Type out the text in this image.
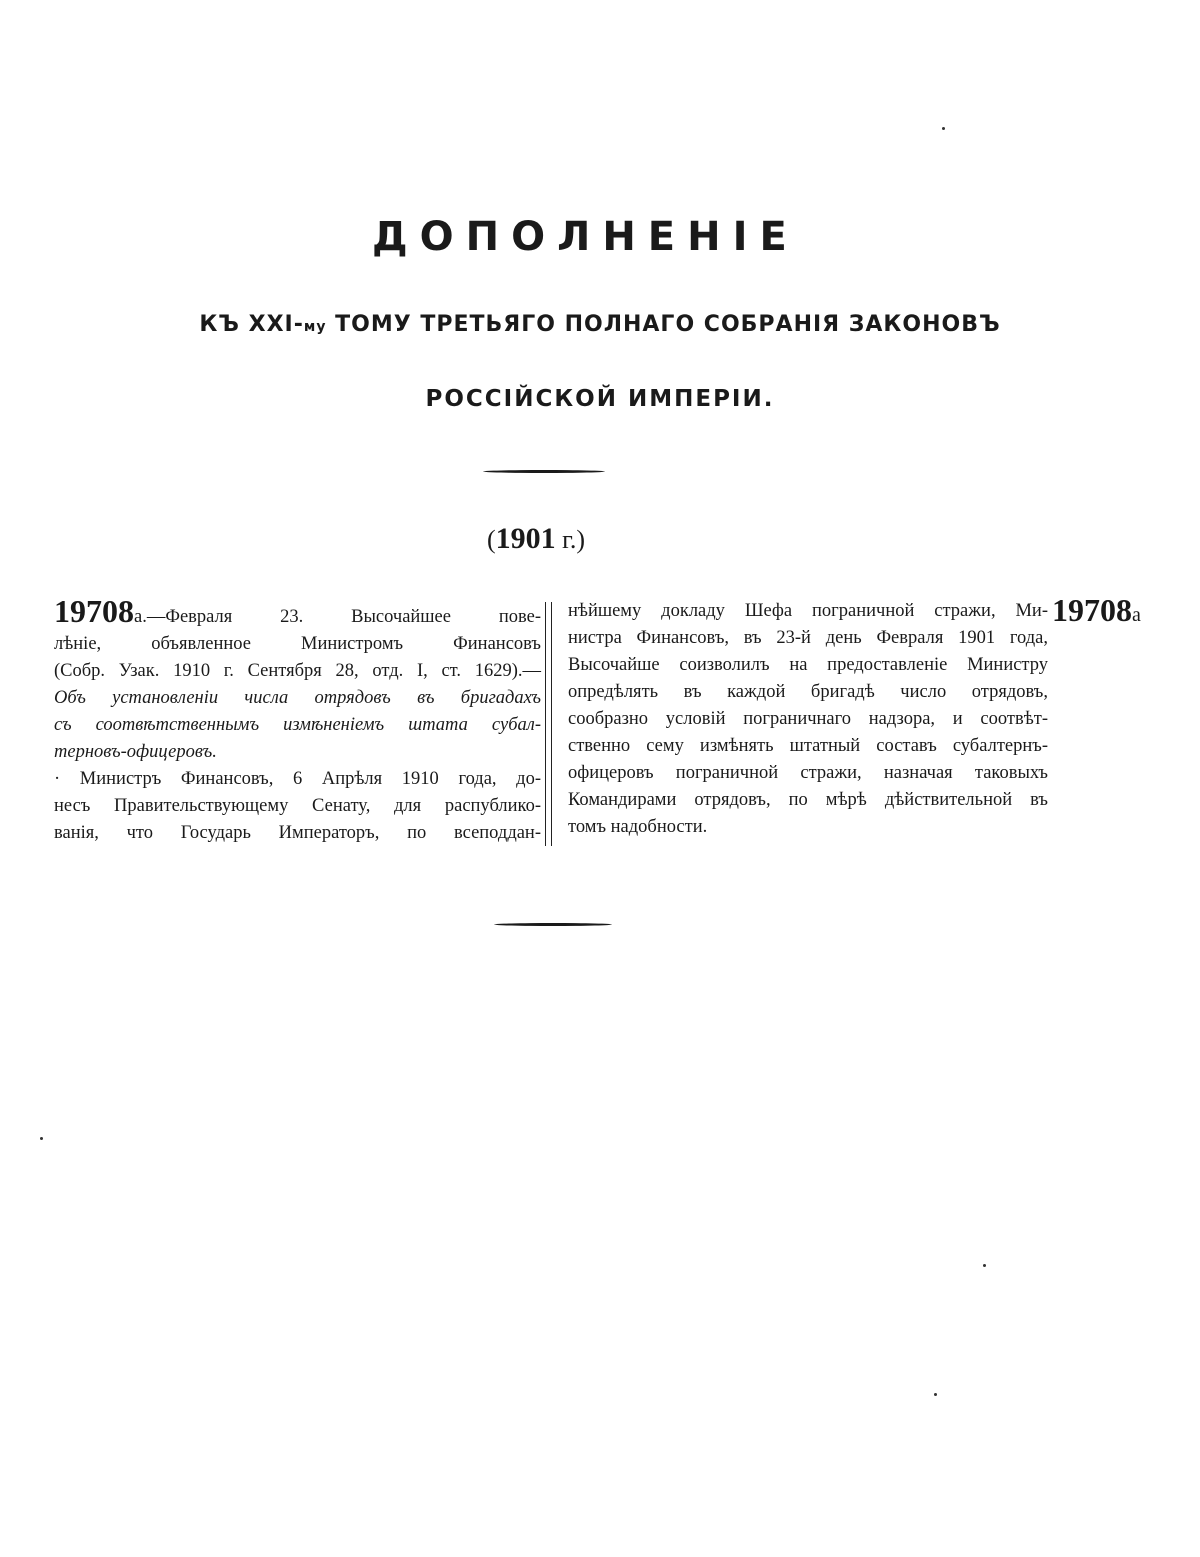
ДОПОЛНЕНІЕ
КЪ XXI-му ТОМУ ТРЕТЬЯГО ПОЛНАГО СОБРАНІЯ ЗАКОНОВЪ
РОССІЙСКОЙ ИМПЕРІИ.
(1901 г.)
19708а.—Февраля 23. Высочайшее пове-
лѣніе, объявленное Министромъ Финансовъ
(Собр. Узак. 1910 г. Сентября 28, отд. I, ст. 1629).—
Объ установленіи числа отрядовъ въ бригадахъ
съ соотвѣтственнымъ измѣненіемъ штата субал-
терновъ-офицеровъ.
· Министръ Финансовъ, 6 Апрѣля 1910 года, до-
несъ Правительствующему Сенату, для распублико-
ванія, что Государь Императоръ, по всеподдан-
нѣйшему докладу Шефа пограничной стражи, Ми-
нистра Финансовъ, въ 23-й день Февраля 1901 года,
Высочайше соизволилъ на предоставленіе Министру
опредѣлять въ каждой бригадѣ число отрядовъ,
сообразно условій пограничнаго надзора, и соотвѣт-
ственно сему измѣнять штатный составъ субалтернъ-
офицеровъ пограничной стражи, назначая таковыхъ
Командирами отрядовъ, по мѣрѣ дѣйствительной въ
томъ надобности.
19708а
